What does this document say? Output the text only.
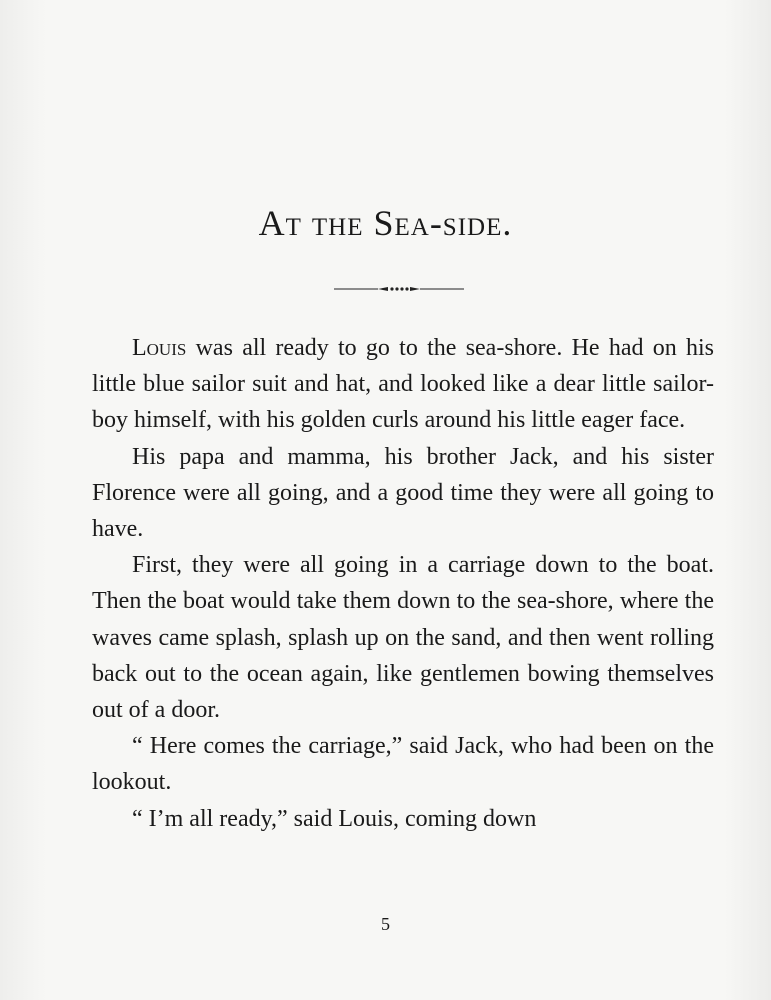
At the Sea-side.

Louis was all ready to go to the sea-shore. He had on his little blue sailor suit and hat, and looked like a dear little sailor-boy himself, with his golden curls around his little eager face.

His papa and mamma, his brother Jack, and his sister Florence were all going, and a good time they were all going to have.

First, they were all going in a carriage down to the boat. Then the boat would take them down to the sea-shore, where the waves came splash, splash up on the sand, and then went rolling back out to the ocean again, like gentlemen bowing themselves out of a door.

“ Here comes the carriage,” said Jack, who had been on the lookout.

“ I’m all ready,” said Louis, coming down

5
